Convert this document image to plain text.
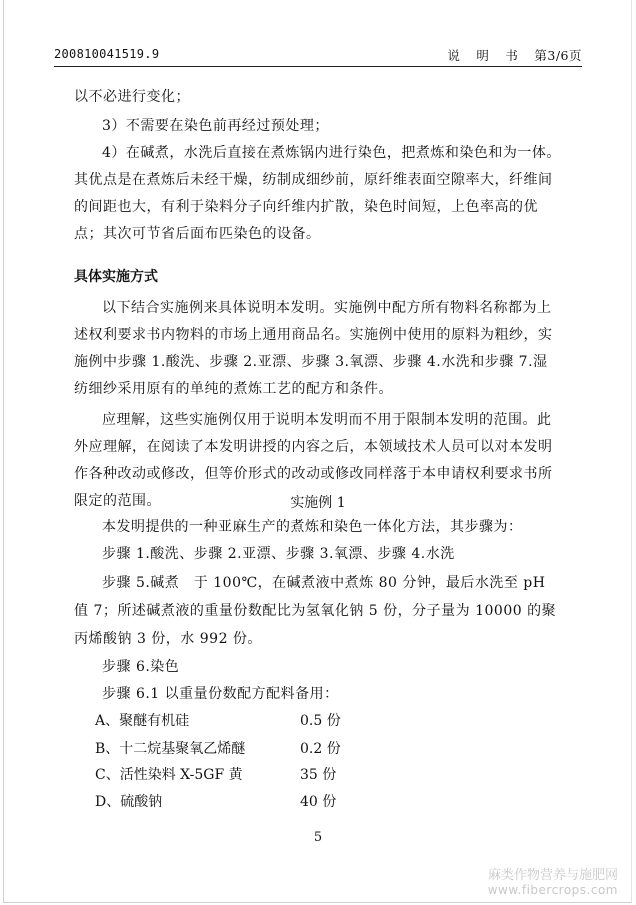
200810041519.9	说　明　书　 第3/6页

以不必进行变化；

3）不需要在染色前再经过预处理；

4）在碱煮，水洗后直接在煮炼锅内进行染色，把煮炼和染色和为一体。其优点是在煮炼后未经干燥，纺制成细纱前，原纤维表面空隙率大，纤维间的间距也大，有利于染料分子向纤维内扩散，染色时间短，上色率高的优点；其次可节省后面布匹染色的设备。

具体实施方式

以下结合实施例来具体说明本发明。实施例中配方所有物料名称都为上述权利要求书内物料的市场上通用商品名。实施例中使用的原料为粗纱，实施例中步骤 1.酸洗、步骤 2.亚漂、步骤 3.氧漂、步骤 4.水洗和步骤 7.湿纺细纱采用原有的单纯的煮炼工艺的配方和条件。

应理解，这些实施例仅用于说明本发明而不用于限制本发明的范围。此外应理解，在阅读了本发明讲授的内容之后，本领域技术人员可以对本发明作各种改动或修改，但等价形式的改动或修改同样落于本申请权利要求书所限定的范围。	实施例 1

本发明提供的一种亚麻生产的煮炼和染色一体化方法，其步骤为：

步骤 1.酸洗、步骤 2.亚漂、步骤 3.氧漂、步骤 4.水洗

步骤 5.碱煮　于 100℃，在碱煮液中煮炼 80 分钟，最后水洗至 pH 值 7；所述碱煮液的重量份数配比为氢氧化钠 5 份，分子量为 10000 的聚丙烯酸钠 3 份，水 992 份。

步骤 6.染色

步骤 6.1 以重量份数配方配料备用：

A、聚醚有机硅	0.5 份
B、十二烷基聚氧乙烯醚	0.2 份
C、活性染料 X-5GF 黄	35 份
D、硫酸钠	40 份
5
麻类作物营养与施肥网
www.fibercrops.com
